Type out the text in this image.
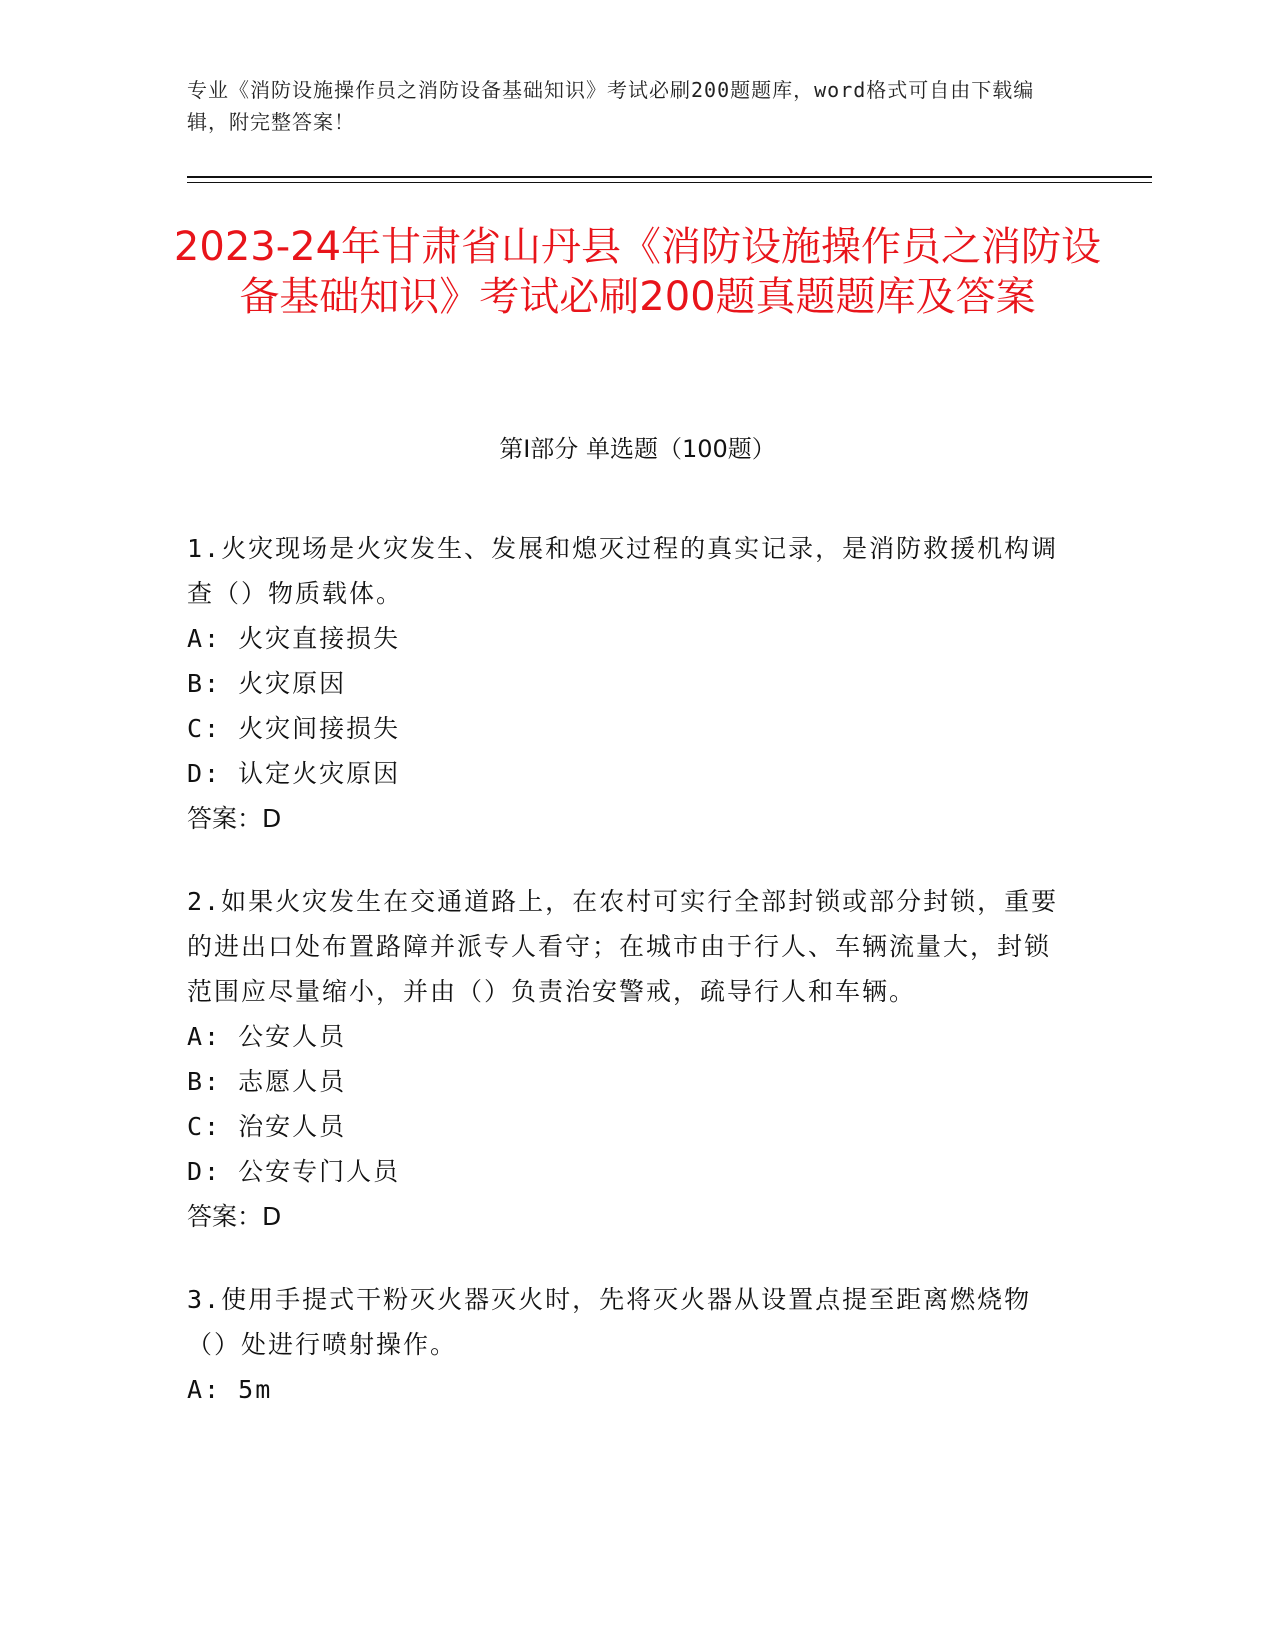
专业《消防设施操作员之消防设备基础知识》考试必刷200题题库，word格式可自由下载编辑，附完整答案！
2023-24年甘肃省山丹县《消防设施操作员之消防设备基础知识》考试必刷200题真题题库及答案
第Ⅰ部分 单选题（100题）
1.火灾现场是火灾发生、发展和熄灭过程的真实记录，是消防救援机构调查（）物质载体。
A: 火灾直接损失
B: 火灾原因
C: 火灾间接损失
D: 认定火灾原因
答案：D
2.如果火灾发生在交通道路上，在农村可实行全部封锁或部分封锁，重要的进出口处布置路障并派专人看守；在城市由于行人、车辆流量大，封锁范围应尽量缩小，并由（）负责治安警戒，疏导行人和车辆。
A: 公安人员
B: 志愿人员
C: 治安人员
D: 公安专门人员
答案：D
3.使用手提式干粉灭火器灭火时，先将灭火器从设置点提至距离燃烧物（）处进行喷射操作。
A: 5m
